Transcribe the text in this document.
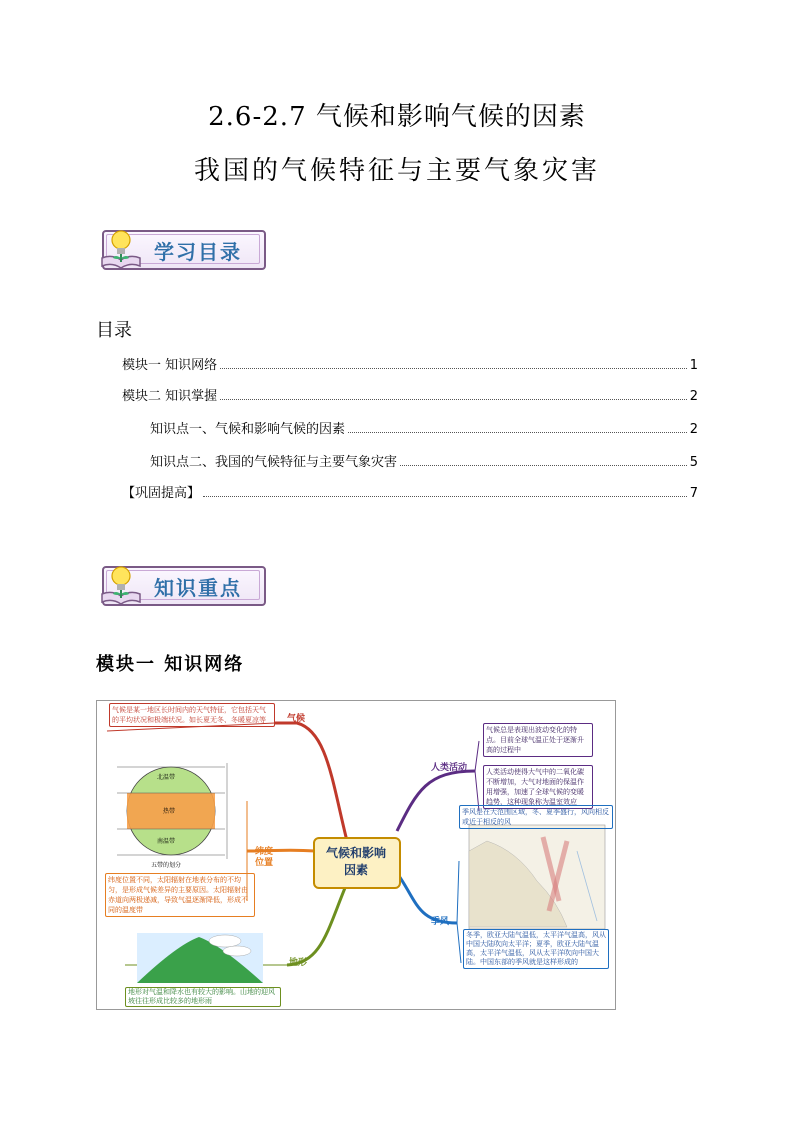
2.6-2.7 气候和影响气候的因素
我国的气候特征与主要气象灾害
学习目录
目录
模块一 知识网络	1
模块二 知识掌握	2
知识点一、气候和影响气候的因素	2
知识点二、我国的气候特征与主要气象灾害	5
【巩固提高】	7
知识重点
模块一 知识网络
气候和影响因素
气候
纬度位置
地形
人类活动
季风
气候是某一地区长时间内的天气特征，它包括天气的平均状况和极端状况。如长夏无冬、冬暖夏凉等
纬度位置不同，太阳辐射在地表分布的不均匀，是形成气候差异的主要原因。太阳辐射由赤道向两极递减，导致气温逐渐降低，形成不同的温度带
地形对气温和降水也有较大的影响。山地的迎风坡往往形成比较多的地形雨
气候总是表现出波动变化的特点。目前全球气温正处于逐渐升高的过程中
人类活动使得大气中的二氧化碳不断增加，大气对地面的保温作用增强，加速了全球气候的变暖趋势，这种现象称为温室效应
季风是在大范围区域，冬、夏季盛行，风向相反或近于相反的风
冬季，欧亚大陆气温低，太平洋气温高，风从中国大陆吹向太平洋；夏季，欧亚大陆气温高，太平洋气温低，风从太平洋吹向中国大陆。中国东部的季风就是这样形成的
北温带
热带
南温带
五带的划分
